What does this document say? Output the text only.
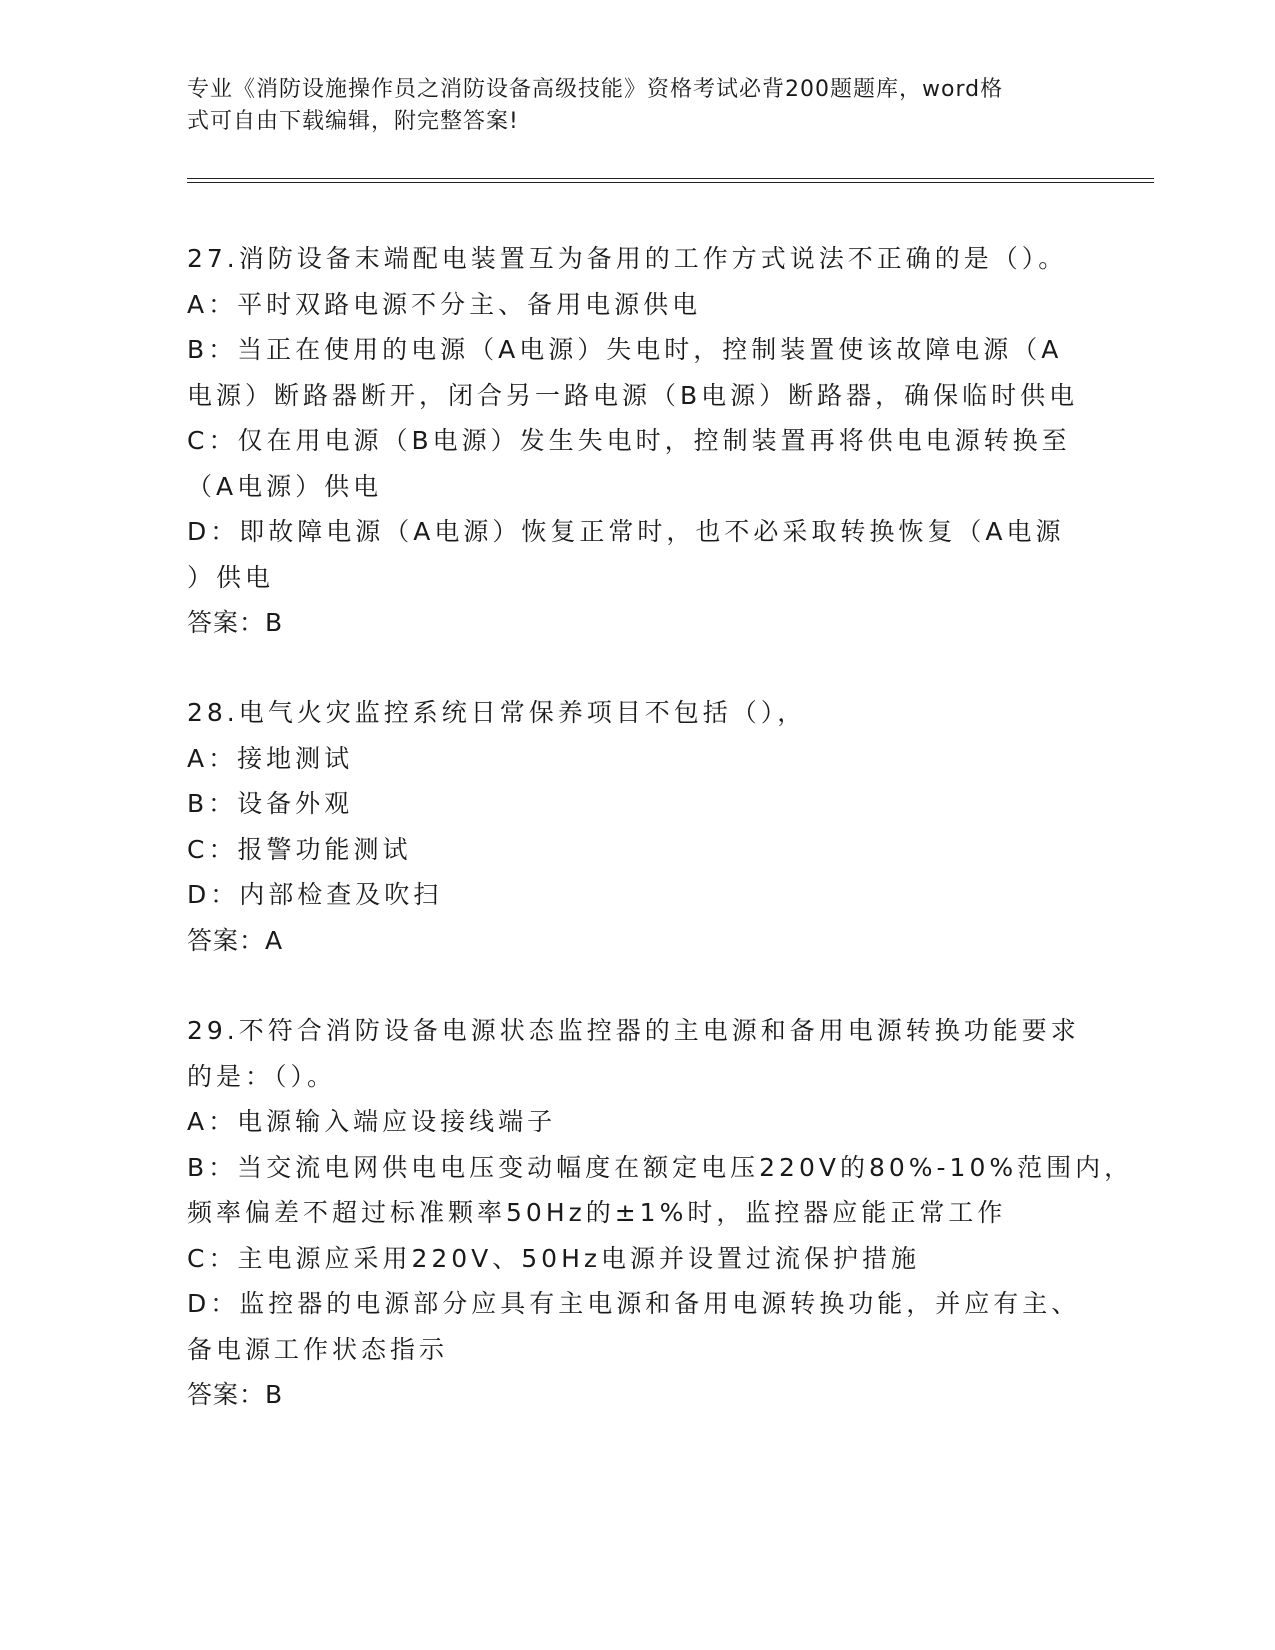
专业《消防设施操作员之消防设备高级技能》资格考试必背200题题库，word格
式可自由下载编辑，附完整答案!
27.消防设备末端配电装置互为备用的工作方式说法不正确的是（）。
A：平时双路电源不分主、备用电源供电
B：当正在使用的电源（A电源）失电时，控制装置使该故障电源（A
电源）断路器断开，闭合另一路电源（B电源）断路器，确保临时供电
C：仅在用电源（B电源）发生失电时，控制装置再将供电电源转换至
（A电源）供电
D：即故障电源（A电源）恢复正常时，也不必采取转换恢复（A电源
）供电
答案：B
28.电气火灾监控系统日常保养项目不包括（），
A：接地测试
B：设备外观
C：报警功能测试
D：内部检查及吹扫
答案：A
29.不符合消防设备电源状态监控器的主电源和备用电源转换功能要求
的是：（）。
A：电源输入端应设接线端子
B：当交流电网供电电压变动幅度在额定电压220V的80%-10%范围内，
频率偏差不超过标准颗率50Hz的±1%时，监控器应能正常工作
C：主电源应采用220V、50Hz电源并设置过流保护措施
D：监控器的电源部分应具有主电源和备用电源转换功能，并应有主、
备电源工作状态指示
答案：B
